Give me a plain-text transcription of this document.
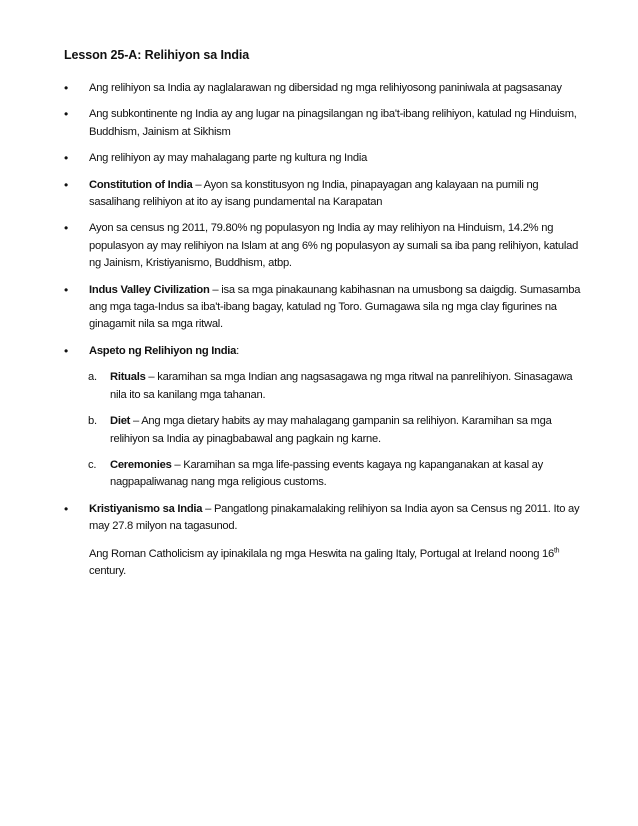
Lesson 25-A: Relihiyon sa India
• Ang relihiyon sa India ay naglalarawan ng dibersidad ng mga relihiyosong paniniwala at pagsasanay
• Ang subkontinente ng India ay ang lugar na pinagsilangan ng iba't-ibang relihiyon, katulad ng Hinduism, Buddhism, Jainism at Sikhism
• Ang relihiyon ay may mahalagang parte ng kultura ng India
• Constitution of India – Ayon sa konstitusyon ng India, pinapayagan ang kalayaan na pumili ng sasalihang relihiyon at ito ay isang pundamental na Karapatan
• Ayon sa census ng 2011, 79.80% ng populasyon ng India ay may relihiyon na Hinduism, 14.2% ng populasyon ay may relihiyon na Islam at ang 6% ng populasyon ay sumali sa iba pang relihiyon, katulad ng Jainism, Kristiyanismo, Buddhism, atbp.
• Indus Valley Civilization – isa sa mga pinakaunang kabihasnan na umusbong sa daigdig. Sumasamba ang mga taga-Indus sa iba't-ibang bagay, katulad ng Toro. Gumagawa sila ng mga clay figurines na ginagamit nila sa mga ritwal.
• Aspeto ng Relihiyon ng India:
a. Rituals – karamihan sa mga Indian ang nagsasagawa ng mga ritwal na panrelihiyon. Sinasagawa nila ito sa kanilang mga tahanan.
b. Diet – Ang mga dietary habits ay may mahalagang gampanin sa relihiyon. Karamihan sa mga relihiyon sa India ay pinagbabawal ang pagkain ng karne.
c. Ceremonies – Karamihan sa mga life-passing events kagaya ng kapanganakan at kasal ay nagpapaliwanag nang mga religious customs.
• Kristiyanismo sa India – Pangatlong pinakamalaking relihiyon sa India ayon sa Census ng 2011. Ito ay may 27.8 milyon na tagasunod.
Ang Roman Catholicism ay ipinakilala ng mga Heswita na galing Italy, Portugal at Ireland noong 16th century.
